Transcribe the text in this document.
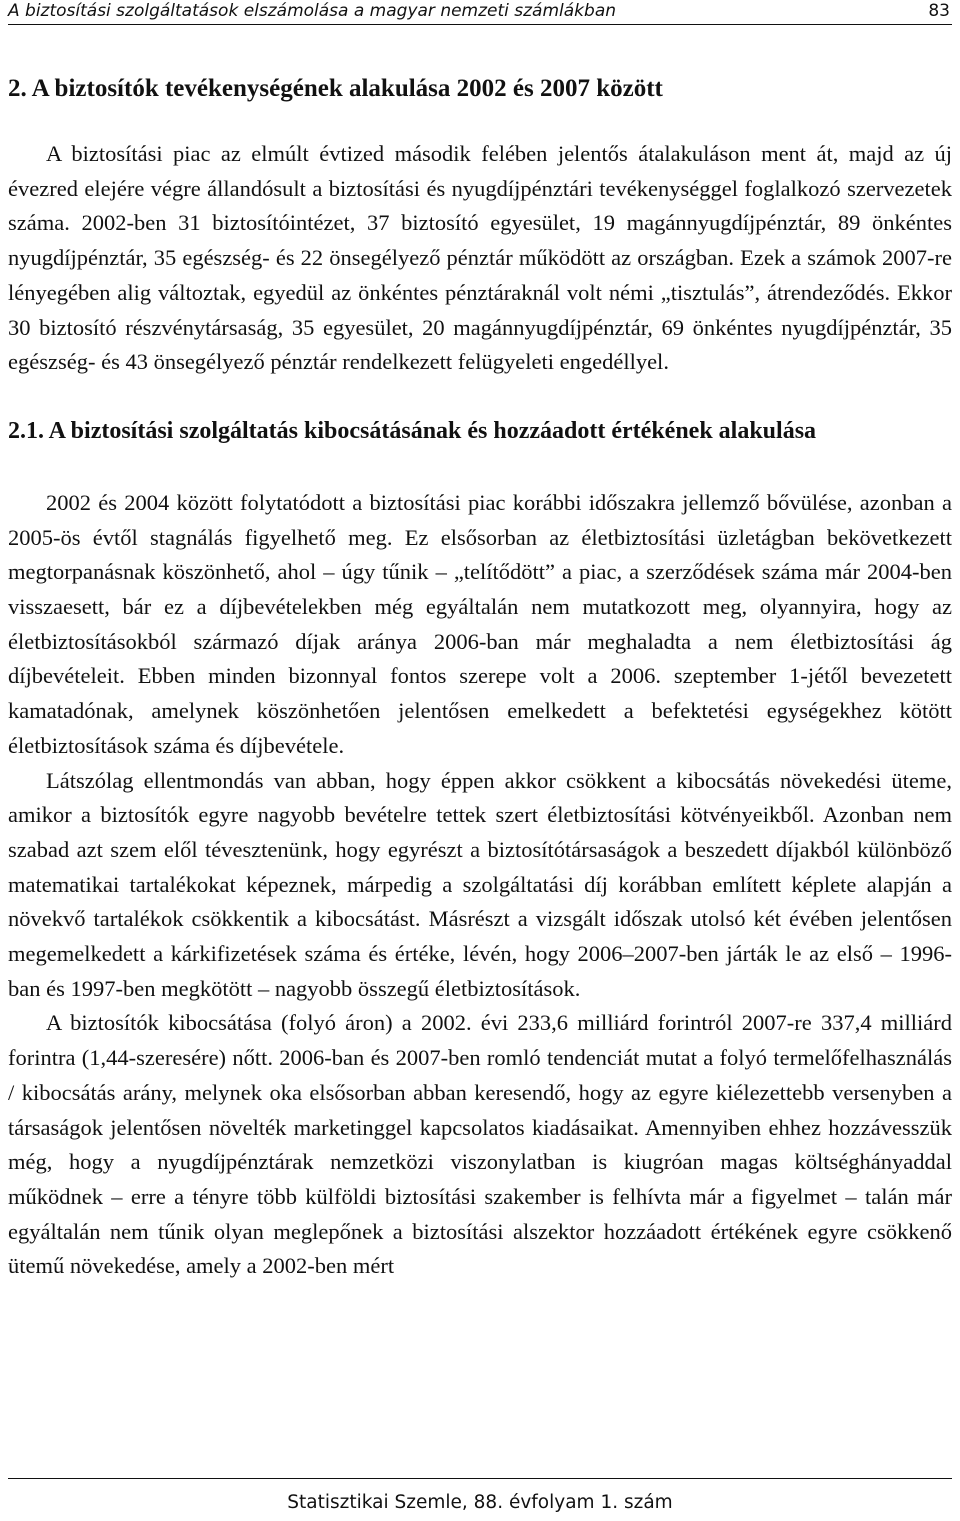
A biztosítási szolgáltatások elszámolása a magyar nemzeti számlákban	83
2. A biztosítók tevékenységének alakulása 2002 és 2007 között

A biztosítási piac az elmúlt évtized második felében jelentős átalakuláson ment át, majd az új évezred elejére végre állandósult a biztosítási és nyugdíjpénztári tevékenységgel foglalkozó szervezetek száma. 2002-ben 31 biztosítóintézet, 37 biztosító egyesület, 19 magánnyugdíjpénztár, 89 önkéntes nyugdíjpénztár, 35 egészség- és 22 önsegélyező pénztár működött az országban. Ezek a számok 2007-re lényegében alig változtak, egyedül az önkéntes pénztáraknál volt némi „tisztulás”, átrendeződés. Ekkor 30 biztosító részvénytársaság, 35 egyesület, 20 magánnyugdíjpénztár, 69 önkéntes nyugdíjpénztár, 35 egészség- és 43 önsegélyező pénztár rendelkezett felügyeleti engedéllyel.

2.1. A biztosítási szolgáltatás kibocsátásának és hozzáadott értékének alakulása

2002 és 2004 között folytatódott a biztosítási piac korábbi időszakra jellemző bővülése, azonban a 2005-ös évtől stagnálás figyelhető meg. Ez elsősorban az életbiztosítási üzletágban bekövetkezett megtorpanásnak köszönhető, ahol – úgy tűnik – „telítődött” a piac, a szerződések száma már 2004-ben visszaesett, bár ez a díjbevételekben még egyáltalán nem mutatkozott meg, olyannyira, hogy az életbiztosításokból származó díjak aránya 2006-ban már meghaladta a nem életbiztosítási ág díjbevételeit. Ebben minden bizonnyal fontos szerepe volt a 2006. szeptember 1-jétől bevezetett kamatadónak, amelynek köszönhetően jelentősen emelkedett a befektetési egységekhez kötött életbiztosítások száma és díjbevétele.

Látszólag ellentmondás van abban, hogy éppen akkor csökkent a kibocsátás növekedési üteme, amikor a biztosítók egyre nagyobb bevételre tettek szert életbiztosítási kötvényeikből. Azonban nem szabad azt szem elől tévesztenünk, hogy egyrészt a biztosítótársaságok a beszedett díjakból különböző matematikai tartalékokat képeznek, márpedig a szolgáltatási díj korábban említett képlete alapján a növekvő tartalékok csökkentik a kibocsátást. Másrészt a vizsgált időszak utolsó két évében jelentősen megemelkedett a kárkifizetések száma és értéke, lévén, hogy 2006–2007-ben járták le az első – 1996-ban és 1997-ben megkötött – nagyobb összegű életbiztosítások.

A biztosítók kibocsátása (folyó áron) a 2002. évi 233,6 milliárd forintról 2007-re 337,4 milliárd forintra (1,44-szeresére) nőtt. 2006-ban és 2007-ben romló tendenciát mutat a folyó termelőfelhasználás / kibocsátás arány, melynek oka elsősorban abban keresendő, hogy az egyre kiélezettebb versenyben a társaságok jelentősen növelték marketinggel kapcsolatos kiadásaikat. Amennyiben ehhez hozzávesszük még, hogy a nyugdíjpénztárak nemzetközi viszonylatban is kiugróan magas költséghányaddal működnek – erre a tényre több külföldi biztosítási szakember is felhívta már a figyelmet – talán már egyáltalán nem tűnik olyan meglepőnek a biztosítási alszektor hozzáadott értékének egyre csökkenő ütemű növekedése, amely a 2002-ben mért

Statisztikai Szemle, 88. évfolyam 1. szám
